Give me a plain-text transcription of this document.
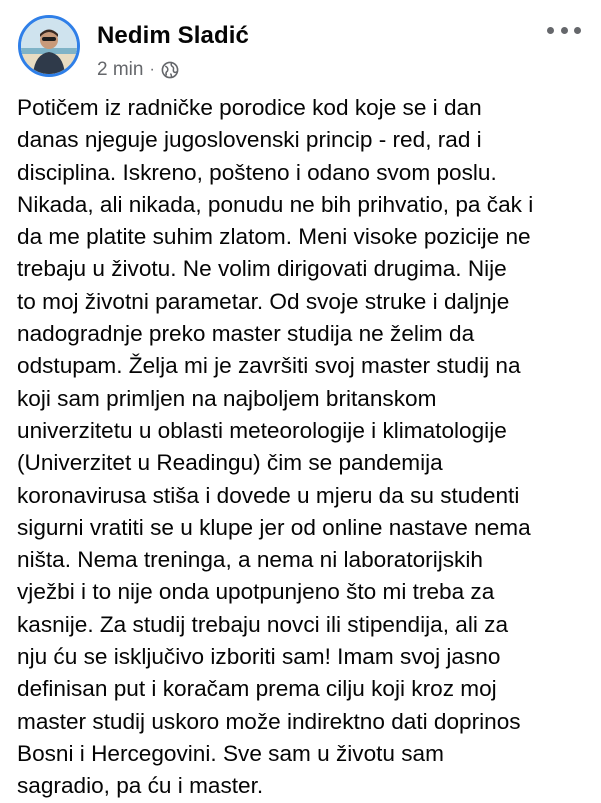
Nedim Sladić
2 min ·
Potičem iz radničke porodice kod koje se i dan
danas njeguje jugoslovenski princip - red, rad i
disciplina. Iskreno, pošteno i odano svom poslu.
Nikada, ali nikada, ponudu ne bih prihvatio, pa čak i
da me platite suhim zlatom. Meni visoke pozicije ne
trebaju u životu. Ne volim dirigovati drugima. Nije
to moj životni parametar. Od svoje struke i daljnje
nadogradnje preko master studija ne želim da
odstupam. Želja mi je završiti svoj master studij na
koji sam primljen na najboljem britanskom
univerzitetu u oblasti meteorologije i klimatologije
(Univerzitet u Readingu) čim se pandemija
koronavirusa stiša i dovede u mjeru da su studenti
sigurni vratiti se u klupe jer od online nastave nema
ništa. Nema treninga, a nema ni laboratorijskih
vježbi i to nije onda upotpunjeno što mi treba za
kasnije. Za studij trebaju novci ili stipendija, ali za
nju ću se isključivo izboriti sam! Imam svoj jasno
definisan put i koračam prema cilju koji kroz moj
master studij uskoro može indirektno dati doprinos
Bosni i Hercegovini. Sve sam u životu sam
sagradio, pa ću i master.
